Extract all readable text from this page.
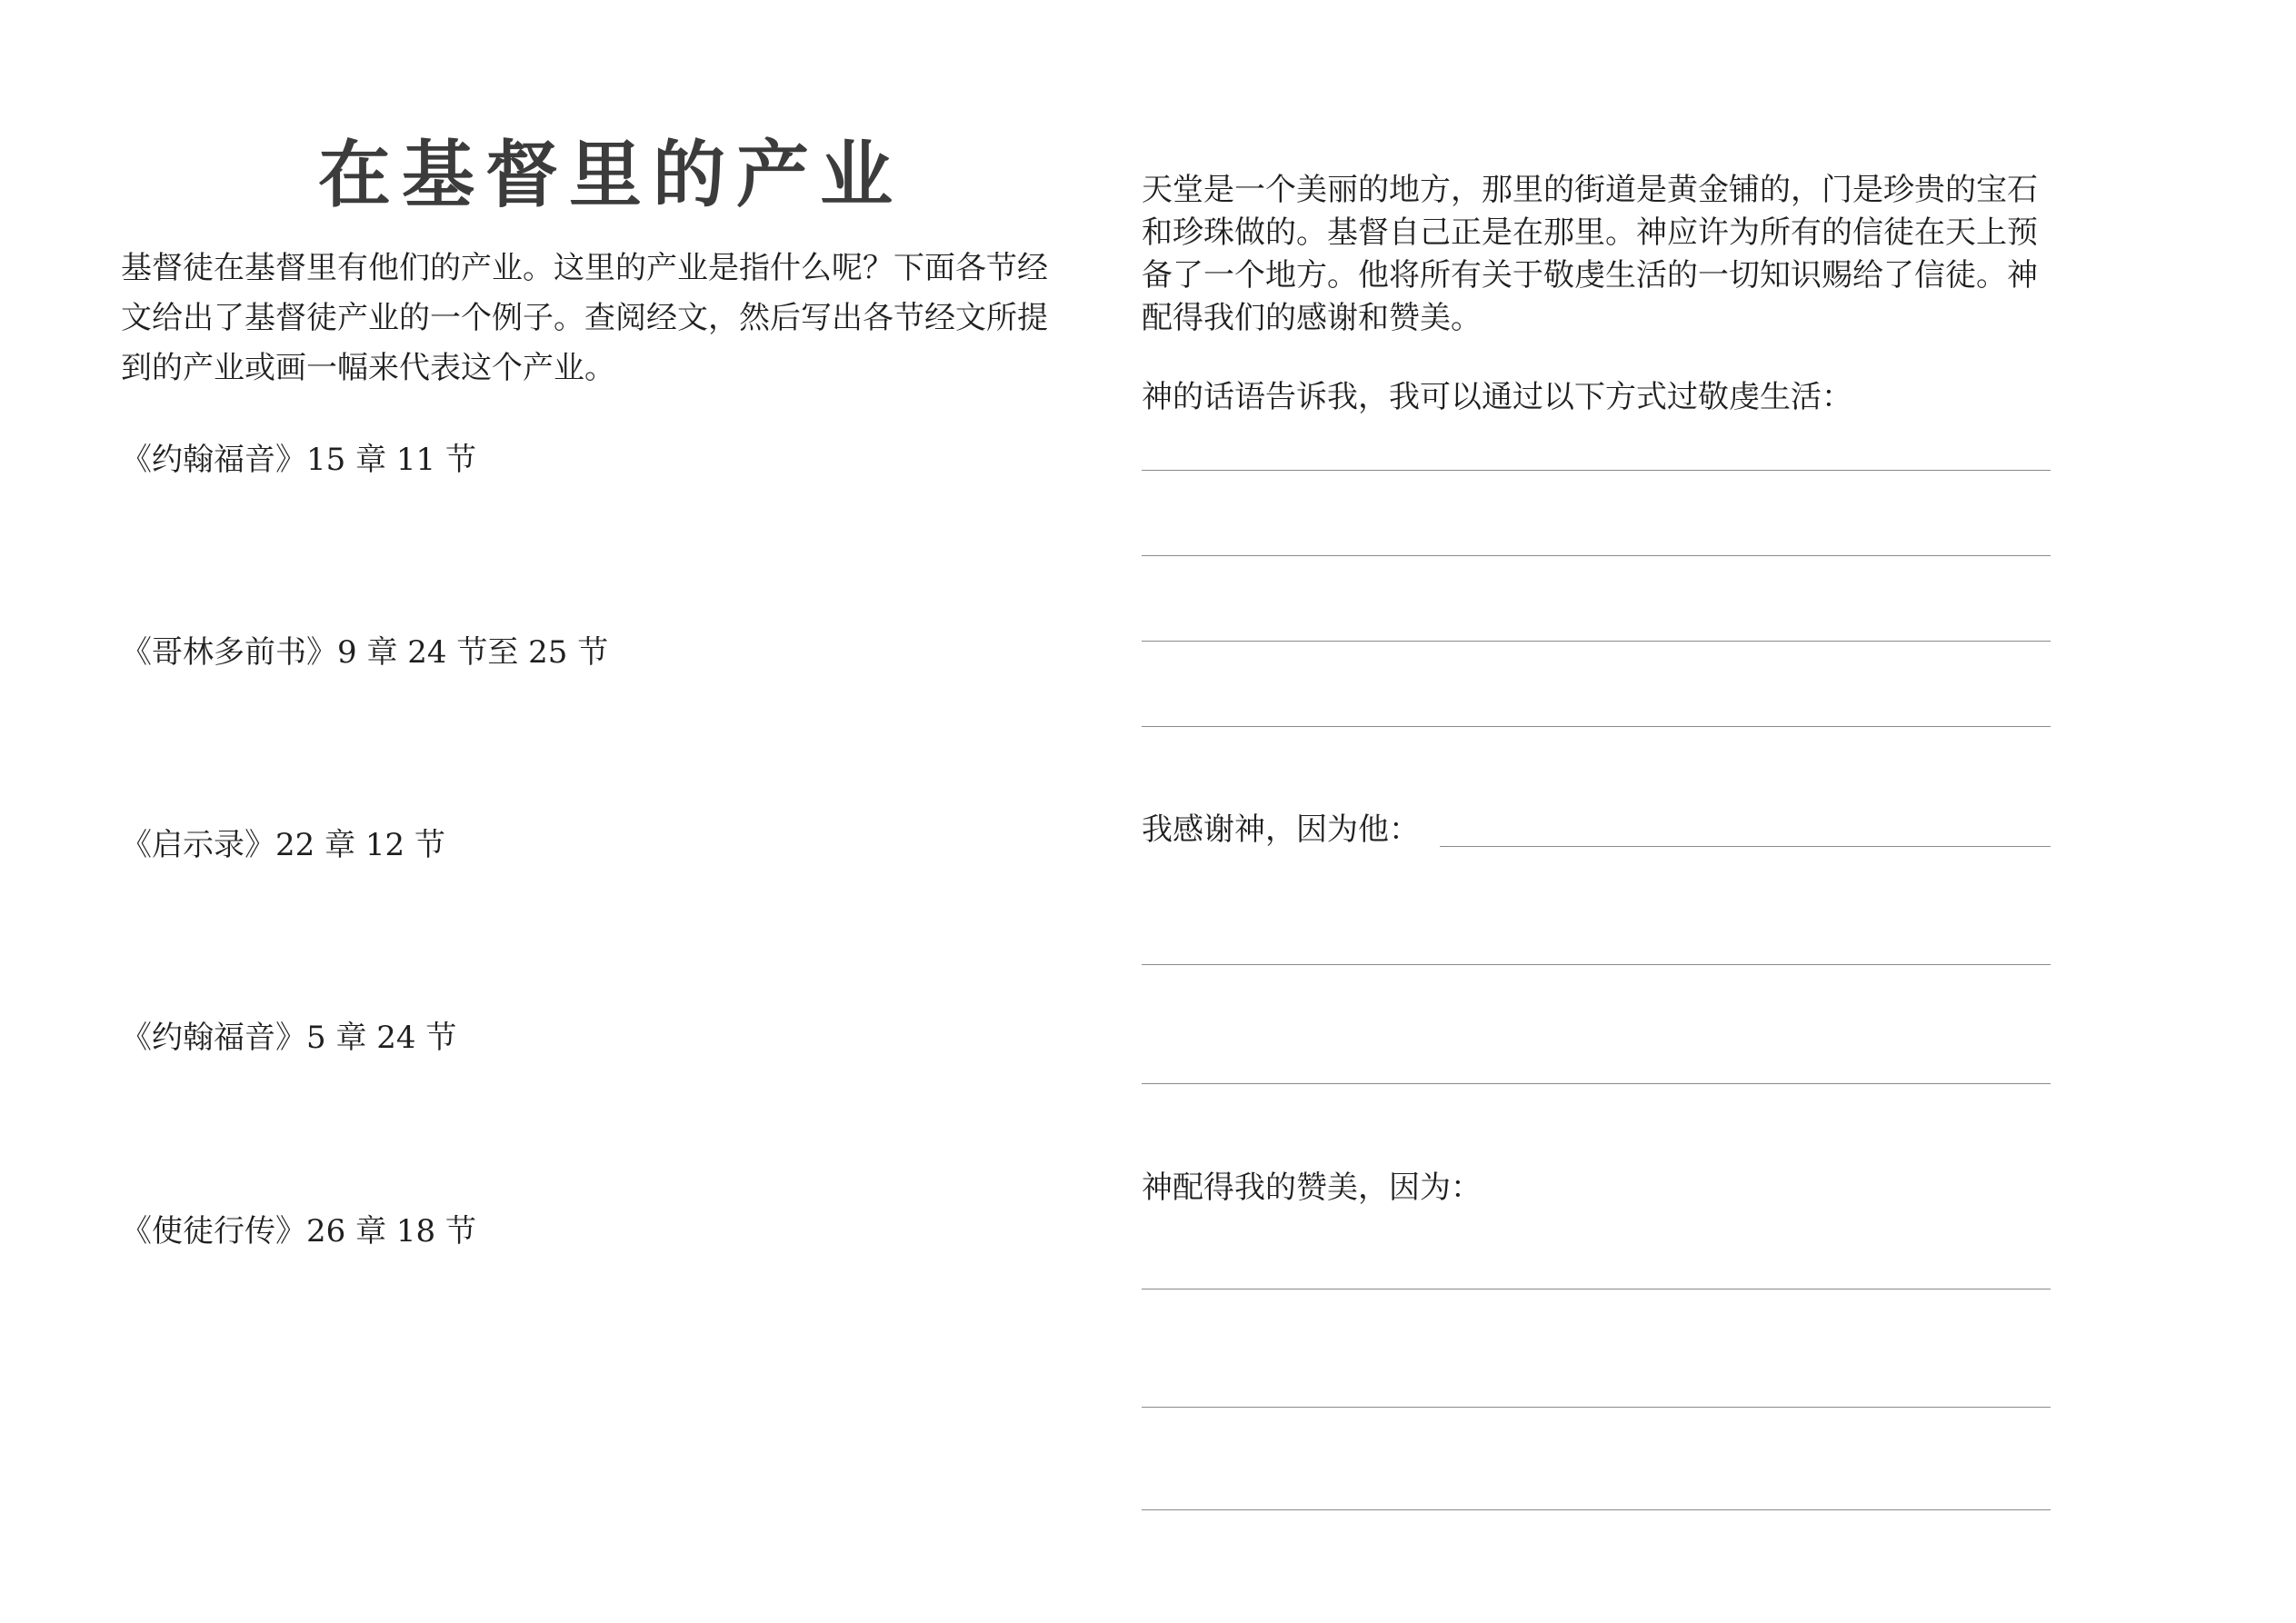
在基督里的产业

基督徒在基督里有他们的产业。这里的产业是指什么呢？下面各节经文给出了基督徒产业的一个例子。查阅经文，然后写出各节经文所提到的产业或画一幅来代表这个产业。

《约翰福音》15 章 11 节
《哥林多前书》9 章 24 节至 25 节
《启示录》22 章 12 节
《约翰福音》5 章 24 节
《使徒行传》26 章 18 节

天堂是一个美丽的地方，那里的街道是黄金铺的，门是珍贵的宝石和珍珠做的。基督自己正是在那里。神应许为所有的信徒在天上预备了一个地方。他将所有关于敬虔生活的一切知识赐给了信徒。神配得我们的感谢和赞美。

神的话语告诉我，我可以通过以下方式过敬虔生活：

我感谢神，因为他：

神配得我的赞美，因为：
